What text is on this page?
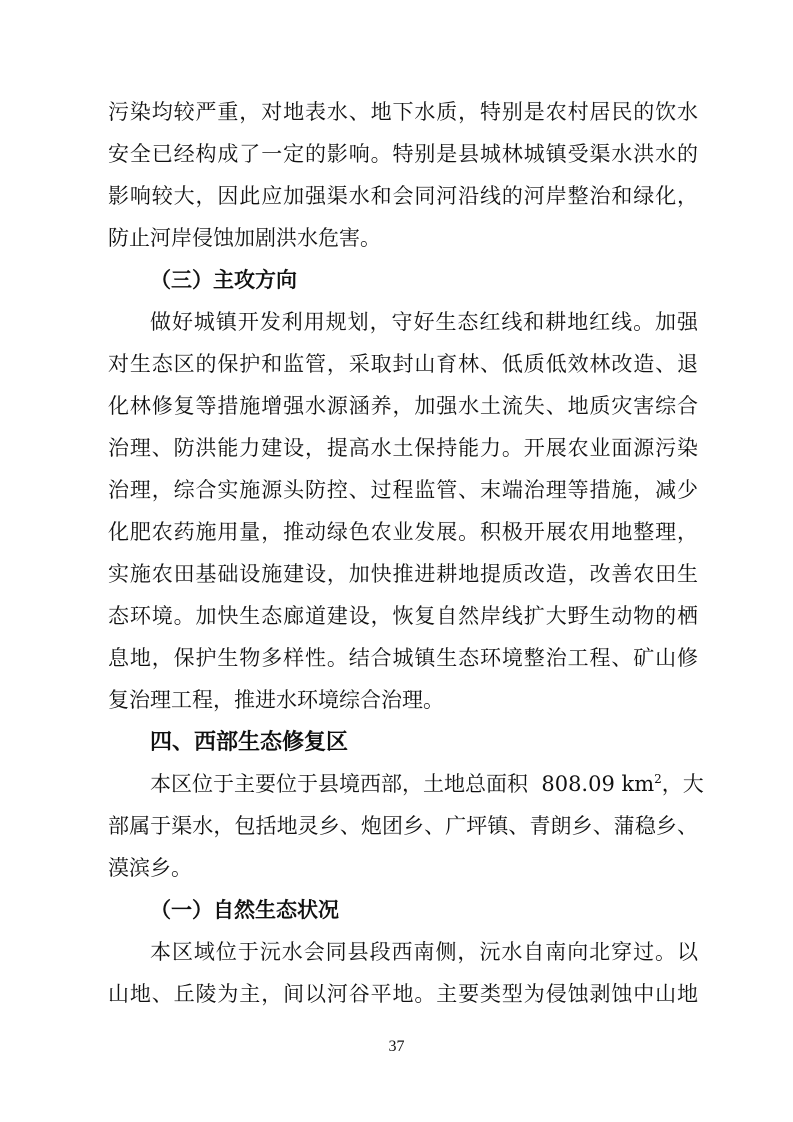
污染均较严重，对地表水、地下水质，特别是农村居民的饮水
安全已经构成了一定的影响。特别是县城林城镇受渠水洪水的
影响较大，因此应加强渠水和会同河沿线的河岸整治和绿化，
防止河岸侵蚀加剧洪水危害。
（三）主攻方向
做好城镇开发利用规划，守好生态红线和耕地红线。加强
对生态区的保护和监管，采取封山育林、低质低效林改造、退
化林修复等措施增强水源涵养，加强水土流失、地质灾害综合
治理、防洪能力建设，提高水土保持能力。开展农业面源污染
治理，综合实施源头防控、过程监管、末端治理等措施，减少
化肥农药施用量，推动绿色农业发展。积极开展农用地整理，
实施农田基础设施建设，加快推进耕地提质改造，改善农田生
态环境。加快生态廊道建设，恢复自然岸线扩大野生动物的栖
息地，保护生物多样性。结合城镇生态环境整治工程、矿山修
复治理工程，推进水环境综合治理。
四、西部生态修复区
本区位于主要位于县境西部，土地总面积  808.09 $km^2$，大
部属于渠水，包括地灵乡、炮团乡、广坪镇、青朗乡、蒲稳乡、
漠滨乡。
（一）自然生态状况
本区域位于沅水会同县段西南侧，沅水自南向北穿过。以
山地、丘陵为主，间以河谷平地。主要类型为侵蚀剥蚀中山地
37
